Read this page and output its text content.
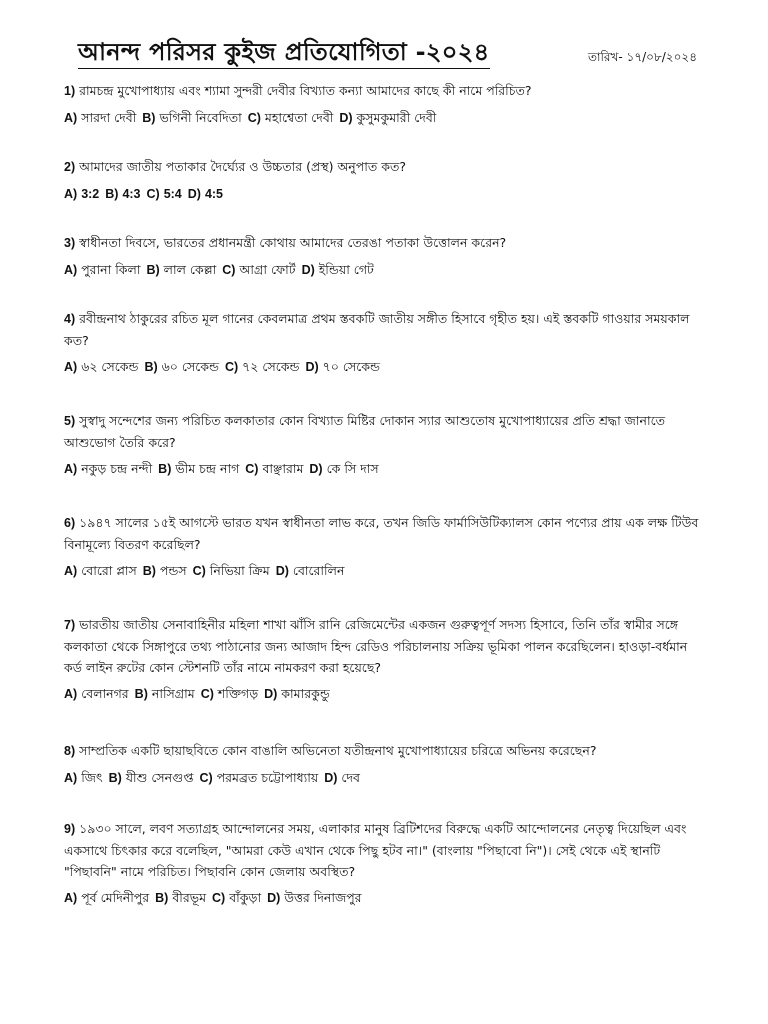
আনন্দ পরিসর কুইজ প্রতিযোগিতা -২০২৪	তারিখ- ১৭/০৮/২০২৪
1) রামচন্দ্র মুখোপাধ্যায় এবং শ্যামা সুন্দরী দেবীর বিখ্যাত কন্যা আমাদের কাছে কী নামে পরিচিত?
A) সারদা দেবী B) ভগিনী নিবেদিতা C) মহাশ্বেতা দেবী D) কুসুমকুমারী দেবী
2) আমাদের জাতীয় পতাকার দৈর্ঘ্যের ও উচ্চতার (প্রস্থ) অনুপাত কত?
A) 3:2 B) 4:3 C) 5:4 D) 4:5
3) স্বাধীনতা দিবসে, ভারতের প্রধানমন্ত্রী কোথায় আমাদের তেরঙা পতাকা উত্তোলন করেন?
A) পুরানা কিলা B) লাল কেল্লা C) আগ্রা ফোর্ট D) ইন্ডিয়া গেট
4) রবীন্দ্রনাথ ঠাকুরের রচিত মূল গানের কেবলমাত্র প্রথম স্তবকটি জাতীয় সঙ্গীত হিসাবে গৃহীত হয়। এই স্তবকটি গাওয়ার সময়কাল কত?
A) ৬২ সেকেন্ড B) ৬০ সেকেন্ড C) ৭২ সেকেন্ড D) ৭০ সেকেন্ড
5) সুস্বাদু সন্দেশের জন্য পরিচিত কলকাতার কোন বিখ্যাত মিষ্টির দোকান স্যার আশুতোষ মুখোপাধ্যায়ের প্রতি শ্রদ্ধা জানাতে আশুভোগ তৈরি করে?
A) নকুড় চন্দ্র নন্দী B) ভীম চন্দ্র নাগ C) বাঞ্ছারাম D) কে সি দাস
6) ১৯৪৭ সালের ১৫ই আগস্টে ভারত যখন স্বাধীনতা লাভ করে, তখন জিডি ফার্মাসিউটিক্যালস কোন পণ্যের প্রায় এক লক্ষ টিউব বিনামূল্যে বিতরণ করেছিল?
A) বোরো প্লাস B) পন্ডস C) নিভিয়া ক্রিম D) বোরোলিন
7) ভারতীয় জাতীয় সেনাবাহিনীর মহিলা শাখা ঝাঁসি রানি রেজিমেন্টের একজন গুরুত্বপূর্ণ সদস্য হিসাবে, তিনি তাঁর স্বামীর সঙ্গে কলকাতা থেকে সিঙ্গাপুরে তথ্য পাঠানোর জন্য আজাদ হিন্দ রেডিও পরিচালনায় সক্রিয় ভূমিকা পালন করেছিলেন। হাওড়া-বর্ধমান কর্ড লাইন রুটের কোন স্টেশনটি তাঁর নামে নামকরণ করা হয়েছে?
A) বেলানগর B) নাসিগ্রাম C) শক্তিগড় D) কামারকুন্ডু
8) সাম্প্রতিক একটি ছায়াছবিতে কোন বাঙালি অভিনেতা যতীন্দ্রনাথ মুখোপাধ্যায়ের চরিত্রে অভিনয় করেছেন?
A) জিৎ B) যীশু সেনগুপ্ত C) পরমব্রত চট্টোপাধ্যায় D) দেব
9) ১৯৩০ সালে, লবণ সত্যাগ্রহ আন্দোলনের সময়, এলাকার মানুষ ব্রিটিশদের বিরুদ্ধে একটি আন্দোলনের নেতৃত্ব দিয়েছিল এবং একসাথে চিৎকার করে বলেছিল, "আমরা কেউ এখান থেকে পিছু হটব না।" (বাংলায় "পিছাবো নি")। সেই থেকে এই স্থানটি "পিছাবনি" নামে পরিচিত। পিছাবনি কোন জেলায় অবস্থিত?
A) পূর্ব মেদিনীপুর B) বীরভূম C) বাঁকুড়া D) উত্তর দিনাজপুর
